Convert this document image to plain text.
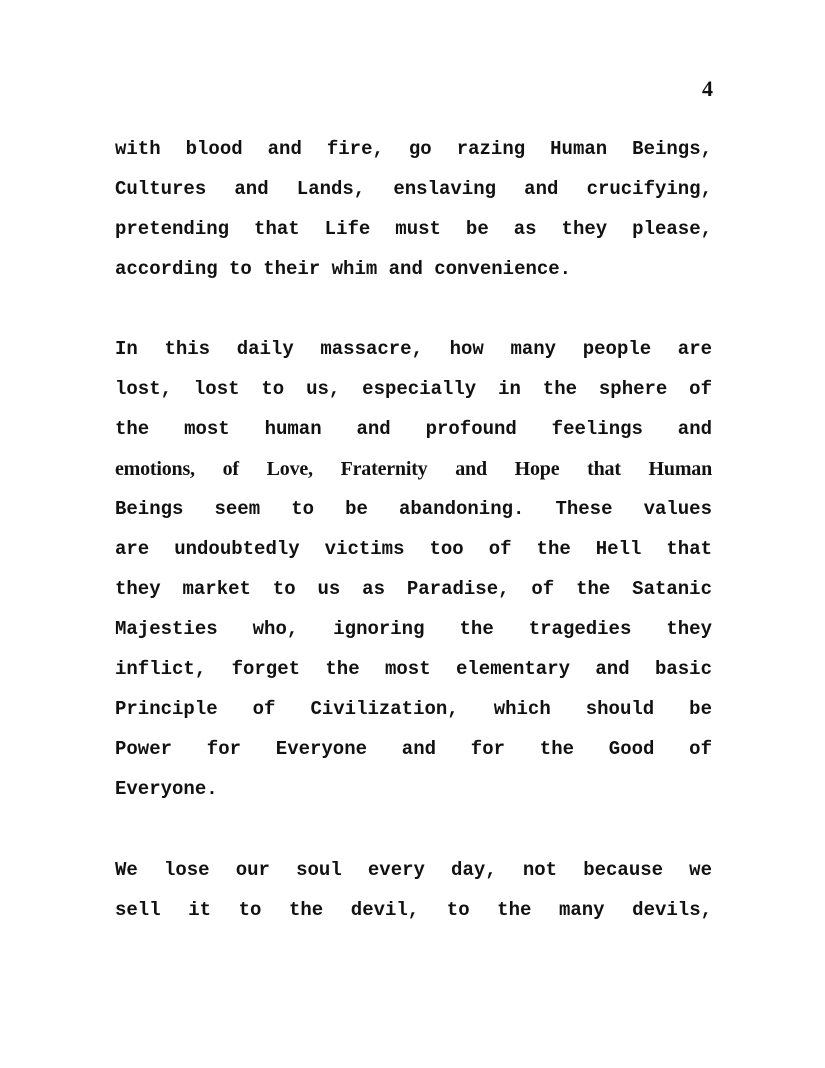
4
with blood and fire, go razing Human Beings,
Cultures and Lands, enslaving and crucifying,
pretending that Life must be as they please,
according to their whim and convenience.
In this daily massacre, how many people are
lost, lost to us, especially in the sphere of
the most human and profound feelings and
emotions, of Love, Fraternity and Hope that Human
Beings seem to be abandoning. These values
are undoubtedly victims too of the Hell that
they market to us as Paradise, of the Satanic
Majesties who, ignoring the tragedies they
inflict, forget the most elementary and basic
Principle of Civilization, which should be
Power for Everyone and for the Good of
Everyone.
We lose our soul every day, not because we
sell it to the devil, to the many devils,
